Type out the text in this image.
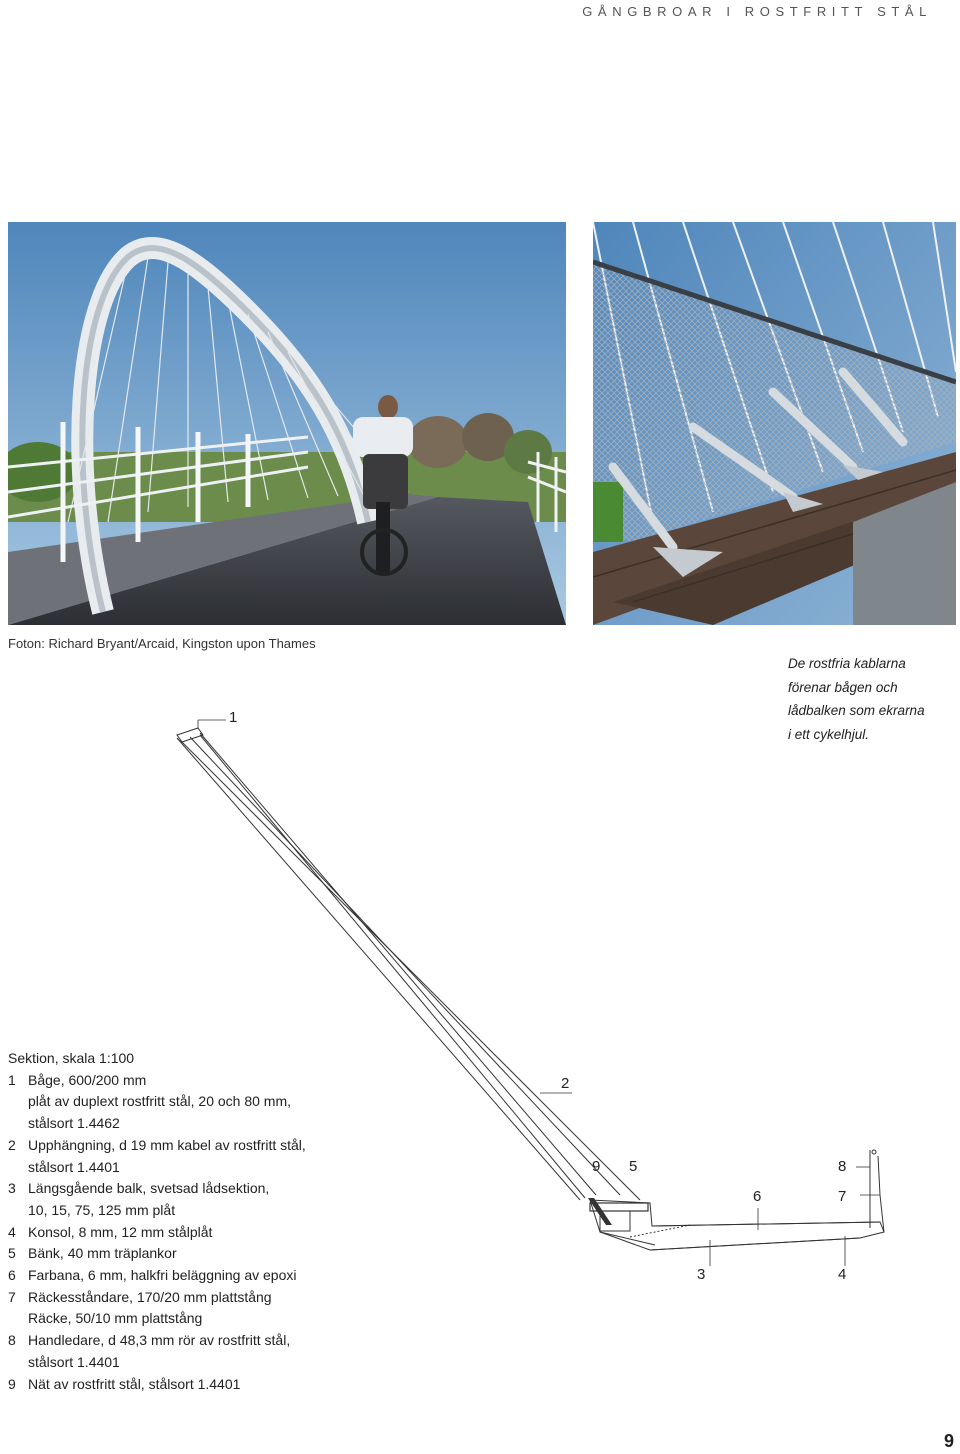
GÅNGBROAR I ROSTFRITT STÅL
Foton: Richard Bryant/Arcaid, Kingston upon Thames
De rostfria kablarna
förenar bågen och
lådbalken som ekrarna
i ett cykelhjul.
1
2
9 5	8
6	7
3	4
Sektion, skala 1:100
1 Båge, 600/200 mm
plåt av duplext rostfritt stål, 20 och 80 mm,
stålsort 1.4462
2 Upphängning, d 19 mm kabel av rostfritt stål,
stålsort 1.4401
3 Längsgående balk, svetsad lådsektion,
10, 15, 75, 125 mm plåt
4 Konsol, 8 mm, 12 mm stålplåt
5 Bänk, 40 mm träplankor
6 Farbana, 6 mm, halkfri beläggning av epoxi
7 Räckesståndare, 170/20 mm plattstång
Räcke, 50/10 mm plattstång
8 Handledare, d 48,3 mm rör av rostfritt stål,
stålsort 1.4401
9 Nät av rostfritt stål, stålsort 1.4401
9
